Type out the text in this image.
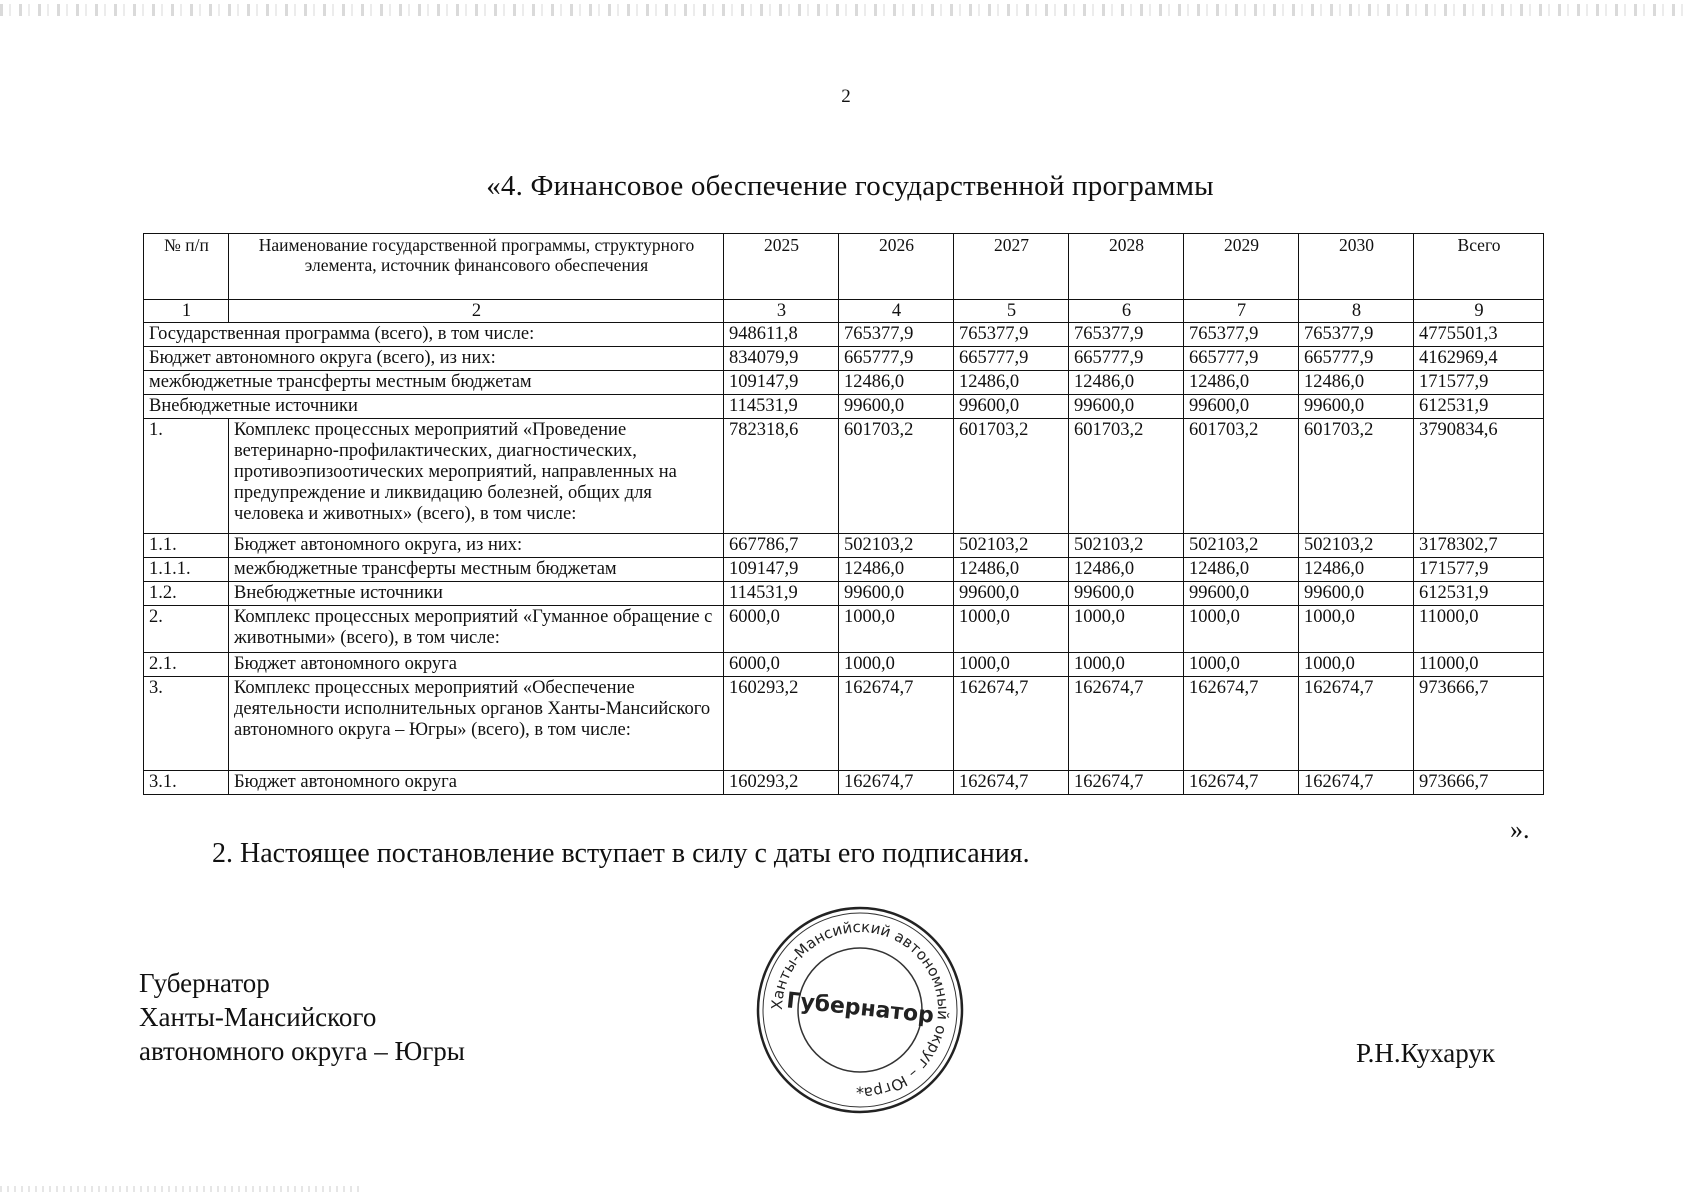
2
«4. Финансовое обеспечение государственной программы
№ п/п	Наименование государственной программы, структурного элемента, источник финансового обеспечения	2025	2026	2027	2028	2029	2030	Всего
1	2	3	4	5	6	7	8	9
Государственная программа (всего), в том числе:		948611,8	765377,9	765377,9	765377,9	765377,9	765377,9	4775501,3
Бюджет автономного округа (всего), из них:		834079,9	665777,9	665777,9	665777,9	665777,9	665777,9	4162969,4
межбюджетные трансферты местным бюджетам		109147,9	12486,0	12486,0	12486,0	12486,0	12486,0	171577,9
Внебюджетные источники		114531,9	99600,0	99600,0	99600,0	99600,0	99600,0	612531,9
1.	Комплекс процессных мероприятий «Проведение ветеринарно-профилактических, диагностических, противоэпизоотических мероприятий, направленных на предупреждение и ликвидацию болезней, общих для человека и животных» (всего), в том числе:	782318,6	601703,2	601703,2	601703,2	601703,2	601703,2	3790834,6
1.1.	Бюджет автономного округа, из них:	667786,7	502103,2	502103,2	502103,2	502103,2	502103,2	3178302,7
1.1.1.	межбюджетные трансферты местным бюджетам	109147,9	12486,0	12486,0	12486,0	12486,0	12486,0	171577,9
1.2.	Внебюджетные источники	114531,9	99600,0	99600,0	99600,0	99600,0	99600,0	612531,9
2.	Комплекс процессных мероприятий «Гуманное обращение с животными» (всего), в том числе:	6000,0	1000,0	1000,0	1000,0	1000,0	1000,0	11000,0
2.1.	Бюджет автономного округа	6000,0	1000,0	1000,0	1000,0	1000,0	1000,0	11000,0
3.	Комплекс процессных мероприятий «Обеспечение деятельности исполнительных органов Ханты-Мансийского автономного округа – Югры» (всего), в том числе:	160293,2	162674,7	162674,7	162674,7	162674,7	162674,7	973666,7
3.1.	Бюджет автономного округа	160293,2	162674,7	162674,7	162674,7	162674,7	162674,7	973666,7
».
2. Настоящее постановление вступает в силу с даты его подписания.
Губернатор
Ханты-Мансийского
автономного округа – Югры
Ханты-Мансийский автономный округ – Югра
Губернатор
*
Р.Н.Кухарук
